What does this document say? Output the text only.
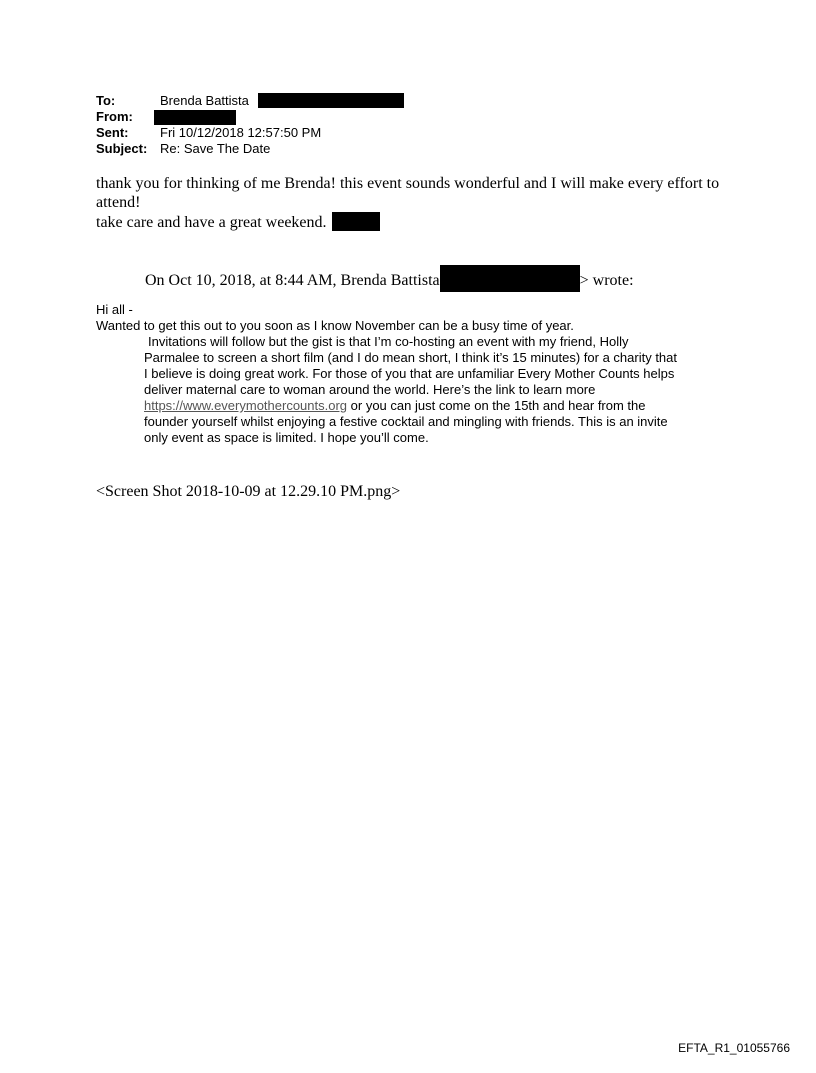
To:	Brenda Battista
From:
Sent: Fri 10/12/2018 12:57:50 PM
Subject: Re: Save The Date

thank you for thinking of me Brenda! this event sounds wonderful and I will make every effort to attend!

take care and have a great weekend.

On Oct 10, 2018, at 8:44 AM, Brenda Battista	> wrote:

Hi all -

Wanted to get this out to you soon as I know November can be a busy time of year.

Invitations will follow but the gist is that I’m co-hosting an event with my friend, Holly Parmalee to screen a short film (and I do mean short, I think it’s 15 minutes) for a charity that I believe is doing great work. For those of you that are unfamiliar Every Mother Counts helps deliver maternal care to woman around the world. Here’s the link to learn more https://www.everymothercounts.org or you can just come on the 15th and hear from the founder yourself whilst enjoying a festive cocktail and mingling with friends. This is an invite only event as space is limited. I hope you’ll come.

<Screen Shot 2018-10-09 at 12.29.10 PM.png>
EFTA_R1_01055766
